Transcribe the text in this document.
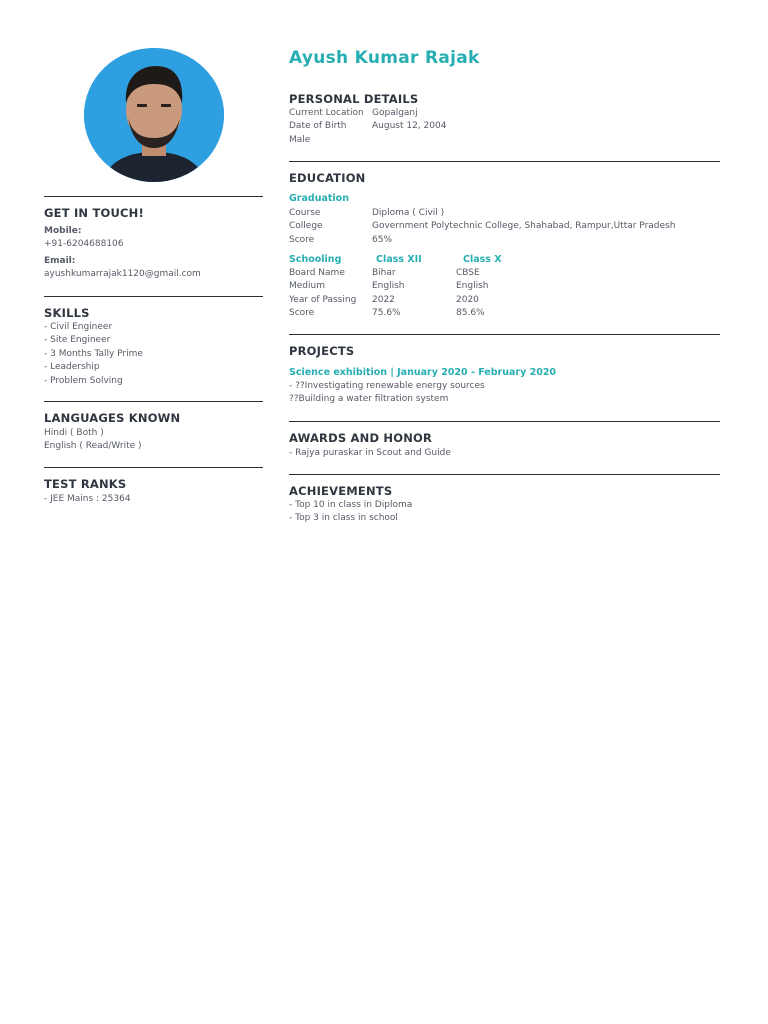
GET IN TOUCH!
Mobile:
+91-6204688106
Email:
ayushkumarrajak1120@gmail.com
SKILLS
- Civil Engineer
- Site Engineer
- 3 Months Tally Prime
- Leadership
- Problem Solving
LANGUAGES KNOWN
Hindi ( Both )
English ( Read/Write )
TEST RANKS
- JEE Mains : 25364
Ayush Kumar Rajak
PERSONAL DETAILS
Current Location Gopalganj
Date of Birth	August 12, 2004
Male
EDUCATION
Graduation
Course	Diploma ( Civil )
College	Government Polytechnic College, Shahabad, Rampur,Uttar Pradesh
Score	65%
Schooling	Class XII	Class X
Board Name	Bihar	CBSE
Medium	English	English
Year of Passing	2022	2020
Score	75.6%	85.6%
PROJECTS
Science exhibition | January 2020 - February 2020
- ??Investigating renewable energy sources
??Building a water filtration system
AWARDS AND HONOR
- Rajya puraskar in Scout and Guide
ACHIEVEMENTS
- Top 10 in class in Diploma
- Top 3 in class in school
